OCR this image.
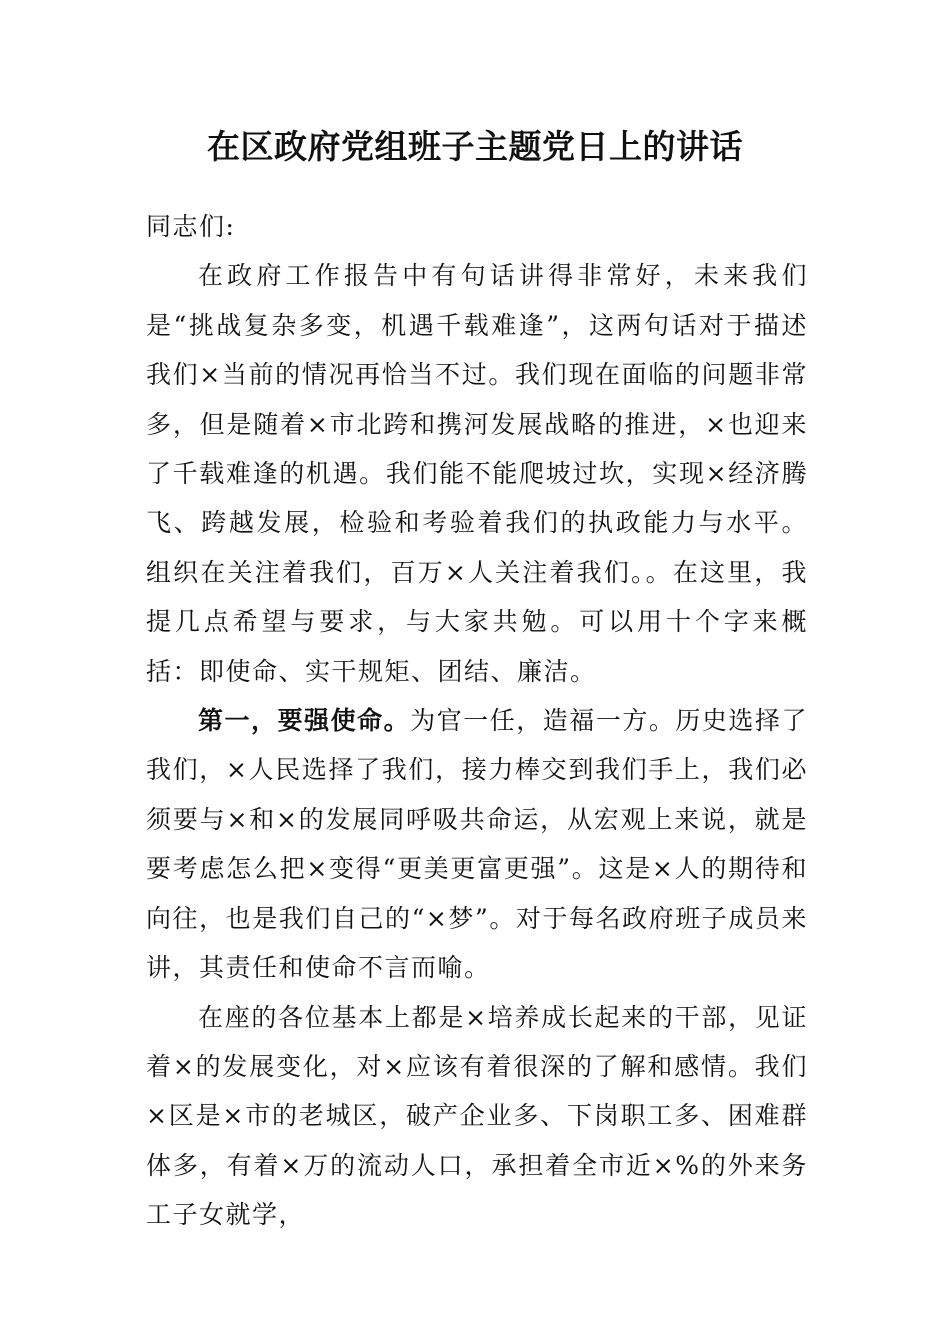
在区政府党组班子主题党日上的讲话

同志们:

在政府工作报告中有句话讲得非常好，未来我们是“挑战复杂多变，机遇千载难逢”，这两句话对于描述我们×当前的情况再恰当不过。我们现在面临的问题非常多，但是随着×市北跨和携河发展战略的推进，×也迎来了千载难逢的机遇。我们能不能爬坡过坎，实现×经济腾飞、跨越发展，检验和考验着我们的执政能力与水平。组织在关注着我们，百万×人关注着我们。。在这里，我提几点希望与要求，与大家共勉。可以用十个字来概括：即使命、实干规矩、团结、廉洁。

第一，要强使命。为官一任，造福一方。历史选择了我们，×人民选择了我们，接力棒交到我们手上，我们必须要与×和×的发展同呼吸共命运，从宏观上来说，就是要考虑怎么把×变得“更美更富更强”。这是×人的期待和向往，也是我们自己的“×梦”。对于每名政府班子成员来讲，其责任和使命不言而喻。

在座的各位基本上都是×培养成长起来的干部，见证着×的发展变化，对×应该有着很深的了解和感情。我们×区是×市的老城区，破产企业多、下岗职工多、困难群体多，有着×万的流动人口，承担着全市近×%的外来务工子女就学，
